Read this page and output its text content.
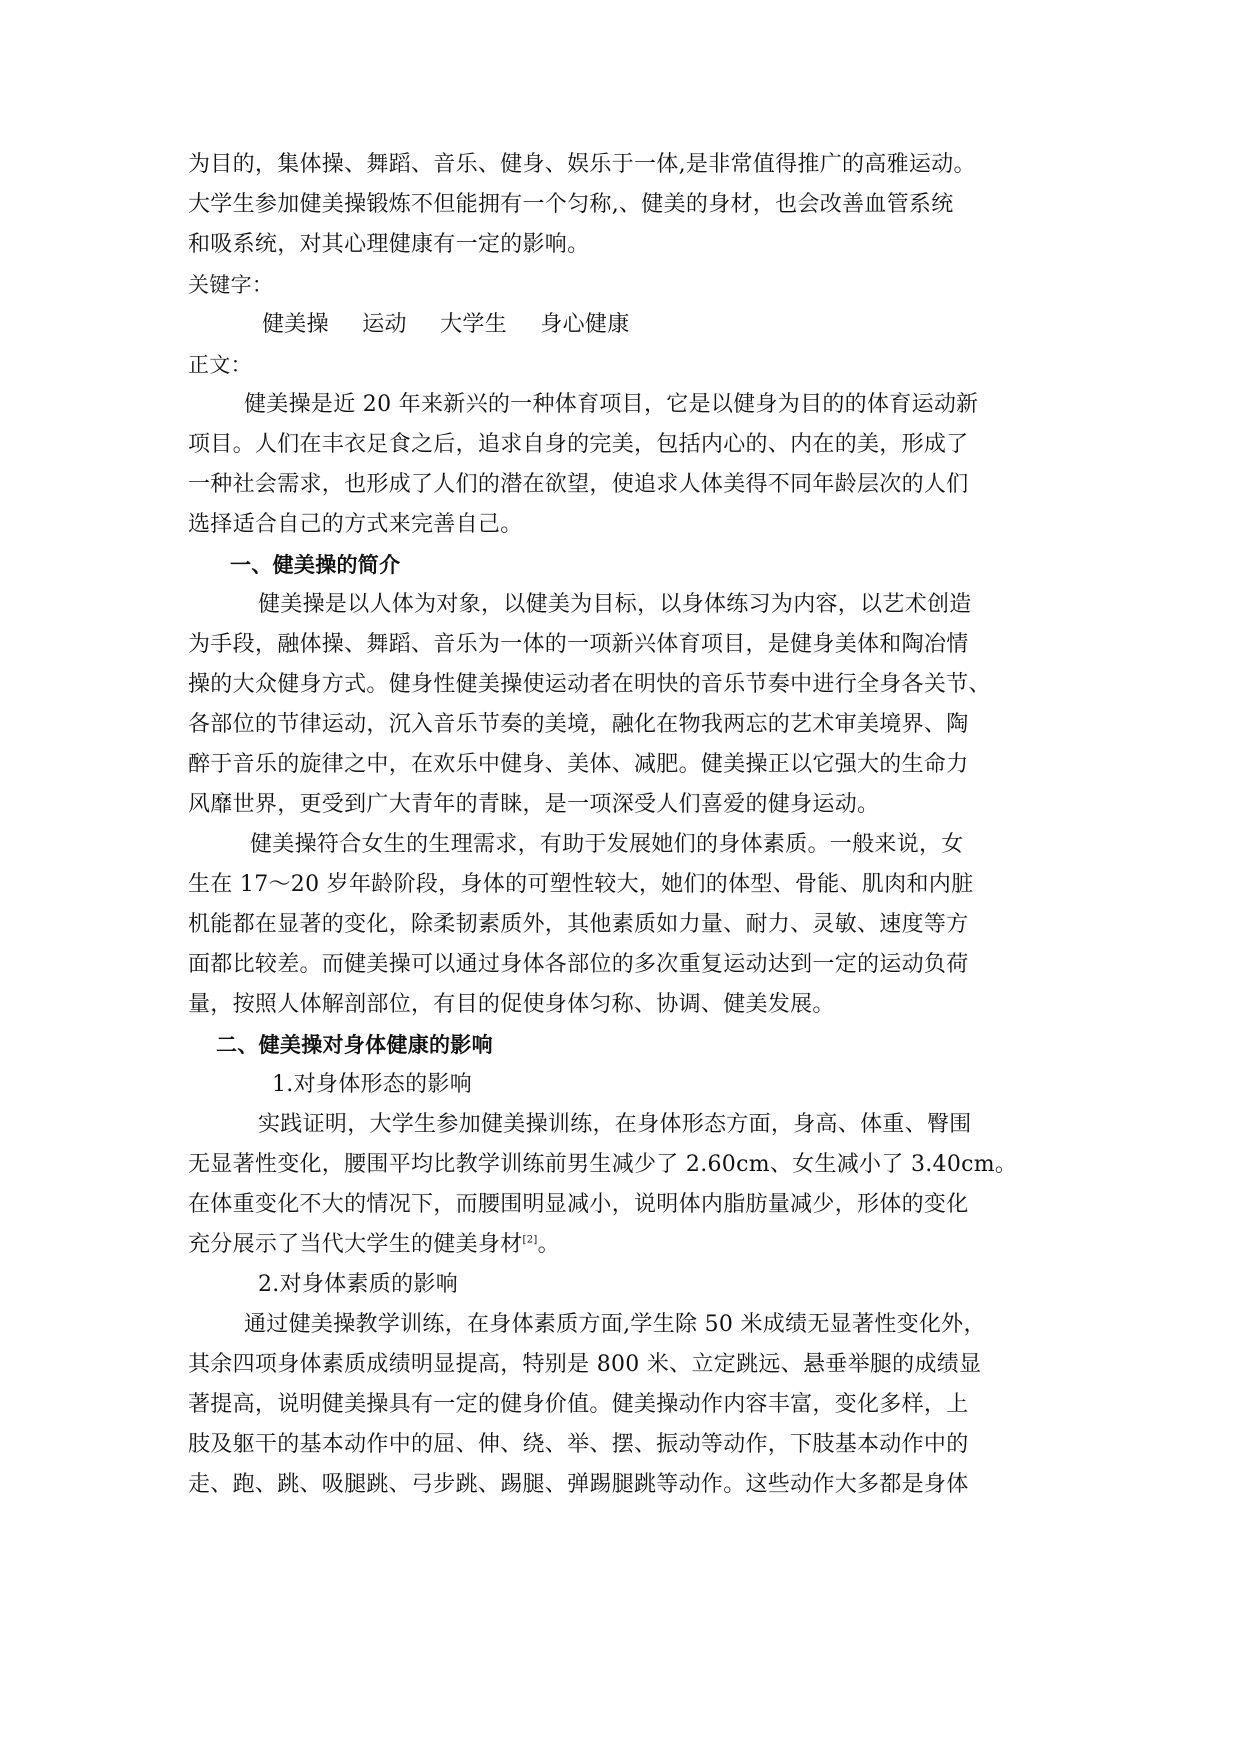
为目的，集体操、舞蹈、音乐、健身、娱乐于一体,是非常值得推广的高雅运动。
大学生参加健美操锻炼不但能拥有一个匀称,、健美的身材，也会改善血管系统
和吸系统，对其心理健康有一定的影响。
关键字：
健美操 运动 大学生 身心健康
正文：
健美操是近 20 年来新兴的一种体育项目，它是以健身为目的的体育运动新
项目。人们在丰衣足食之后，追求自身的完美，包括内心的、内在的美，形成了
一种社会需求，也形成了人们的潜在欲望，使追求人体美得不同年龄层次的人们
选择适合自己的方式来完善自己。
一、健美操的简介
健美操是以人体为对象，以健美为目标，以身体练习为内容，以艺术创造
为手段，融体操、舞蹈、音乐为一体的一项新兴体育项目，是健身美体和陶冶情
操的大众健身方式。健身性健美操使运动者在明快的音乐节奏中进行全身各关节、
各部位的节律运动，沉入音乐节奏的美境，融化在物我两忘的艺术审美境界、陶
醉于音乐的旋律之中，在欢乐中健身、美体、减肥。健美操正以它强大的生命力
风靡世界，更受到广大青年的青睐，是一项深受人们喜爱的健身运动。
健美操符合女生的生理需求，有助于发展她们的身体素质。一般来说，女
生在 17～20 岁年龄阶段，身体的可塑性较大，她们的体型、骨能、肌肉和内脏
机能都在显著的变化，除柔韧素质外，其他素质如力量、耐力、灵敏、速度等方
面都比较差。而健美操可以通过身体各部位的多次重复运动达到一定的运动负荷
量，按照人体解剖部位，有目的促使身体匀称、协调、健美发展。
二、健美操对身体健康的影响
1.对身体形态的影响
实践证明，大学生参加健美操训练，在身体形态方面，身高、体重、臀围
无显著性变化，腰围平均比教学训练前男生减少了 2.60cm、女生减小了 3.40cm。
在体重变化不大的情况下，而腰围明显减小，说明体内脂肪量减少，形体的变化
充分展示了当代大学生的健美身材[2]。
2.对身体素质的影响
通过健美操教学训练，在身体素质方面,学生除 50 米成绩无显著性变化外，
其余四项身体素质成绩明显提高，特别是 800 米、立定跳远、悬垂举腿的成绩显
著提高，说明健美操具有一定的健身价值。健美操动作内容丰富，变化多样，上
肢及躯干的基本动作中的屈、伸、绕、举、摆、振动等动作，下肢基本动作中的
走、跑、跳、吸腿跳、弓步跳、踢腿、弹踢腿跳等动作。这些动作大多都是身体
